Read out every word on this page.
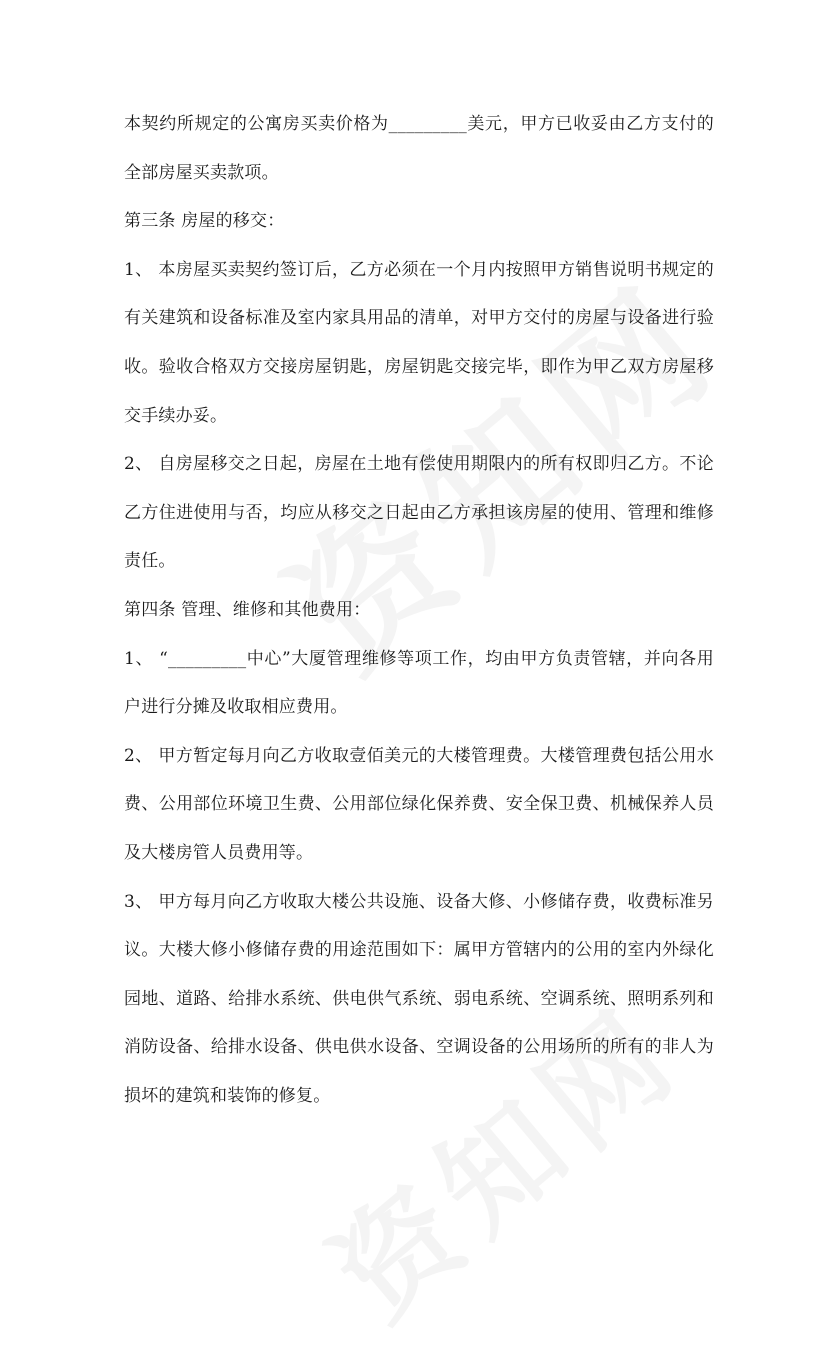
本契约所规定的公寓房买卖价格为_________美元，甲方已收妥由乙方支付的全部房屋买卖款项。

第三条 房屋的移交：

1、 本房屋买卖契约签订后，乙方必须在一个月内按照甲方销售说明书规定的有关建筑和设备标准及室内家具用品的清单，对甲方交付的房屋与设备进行验收。验收合格双方交接房屋钥匙，房屋钥匙交接完毕，即作为甲乙双方房屋移交手续办妥。

2、 自房屋移交之日起，房屋在土地有偿使用期限内的所有权即归乙方。不论乙方住进使用与否，均应从移交之日起由乙方承担该房屋的使用、管理和维修责任。

第四条 管理、维修和其他费用：

1、 “_________中心”大厦管理维修等项工作，均由甲方负责管辖，并向各用户进行分摊及收取相应费用。

2、 甲方暂定每月向乙方收取壹佰美元的大楼管理费。大楼管理费包括公用水费、公用部位环境卫生费、公用部位绿化保养费、安全保卫费、机械保养人员及大楼房管人员费用等。

3、 甲方每月向乙方收取大楼公共设施、设备大修、小修储存费，收费标准另议。大楼大修小修储存费的用途范围如下：属甲方管辖内的公用的室内外绿化园地、道路、给排水系统、供电供气系统、弱电系统、空调系统、照明系列和消防设备、给排水设备、供电供水设备、空调设备的公用场所的所有的非人为损坏的建筑和装饰的修复。
